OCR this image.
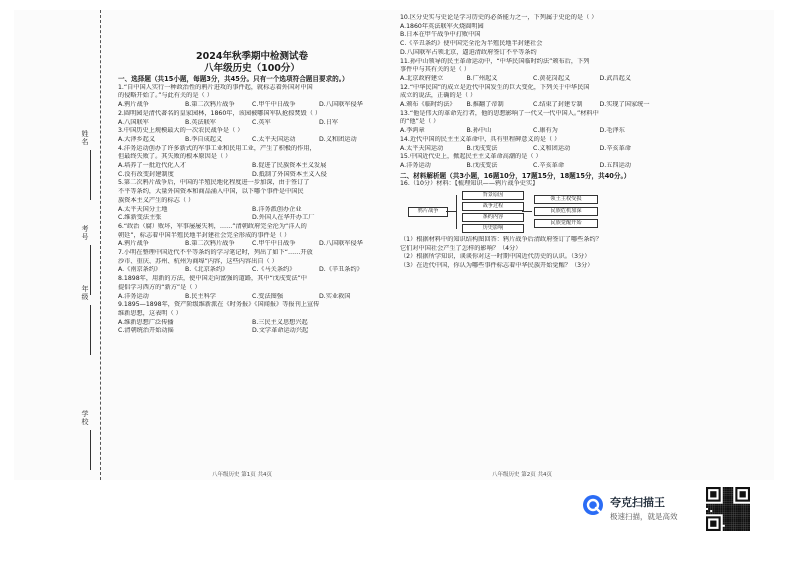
姓名
考号
年级
学校
2024年秋季期中检测试卷
八年级历史（100分）

一、选择题（共15小题，每题3分，共45分。只有一个选项符合题目要求的。）

1.“自中国人实行一种政治性的鸦片进攻的事件起，就标志着外国对中国

的侵略开始了。”与此有关的是（ ）

A.鸦片战争	B.第二次鸦片战争	C.甲午中日战争	D.八国联军侵华

2.圆明园是清代著名的皇家园林，1860年，该园被哪国军队抢掠焚毁（ ）

A.八国联军	B.英法联军	C.英军	D.日军

3.中国历史上规模最大的一次农民战争是（ ）

A.大泽乡起义	B.李自成起义	C.太平天国运动	D.义和团运动

4.洋务运动创办了许多新式的军事工业和民用工业，产生了积极的作用，

但最终失败了。其失败的根本原因是（ ）

A.培养了一批近代化人才	B.促进了民族资本主义发展
C.没有改变封建制度	D.抵制了外国资本主义入侵

5.第二次鸦片战争后，中国的半殖民地化程度进一步加深，由于签订了

不平等条约，大量外国资本和商品涌入中国，以下哪个事件是中国民

族资本主义产生的标志（ ）

A.太平天国分土地	B.洋务派创办企业
C.维新变法主张	D.外国人在华开办工厂

6.“政治（腐）败坏，军事屡屡失利，……”清朝政府完全沦为“洋人的

朝廷”，标志着中国半殖民地半封建社会完全形成的事件是（ ）

A.鸦片战争	B.第二次鸦片战争	C.甲午中日战争	D.八国联军侵华

7.小明在整理中国近代不平等条约的学习笔记时，列出了如下“……开放

沙市、重庆、苏州、杭州为商埠”内容，这些内容出自（ ）

A.《南京条约》	B.《北京条约》	C.《马关条约》	D.《辛丑条约》

8.1898年，用新的方法，使中国走向富强的道路，其中“戊戌变法”中

提倡学习西方的“新方”是（ ）

A.洋务运动	B.民主科学	C.变法图强	D.实业救国

9.1895—1898年，资产阶级维新派在《时务报》《国闻报》等报刊上宣传

维新思想，这表明（ ）

A.维新思想广泛传播	B.三民主义思想兴起
C.清朝统治开始动摇	D.文学革命运动兴起

10.区分史实与史论是学习历史的必备能力之一，下列属于史论的是（ ）

A.1860年英法联军火烧圆明园

B.日本在甲午战争中打败中国

C.《辛丑条约》使中国完全沦为半殖民地半封建社会

D.八国联军占领北京，逼迫清政府签订不平等条约

11.孙中山领导的民主革命运动中，“中华民国临时约法”颁布后，下列

事件中与其有关的是（ ）

A.北京政府建立	B.广州起义	C.黄花岗起义	D.武昌起义

12.“中华民国”的成立是近代中国发生的巨大变化，下列关于中华民国

成立的说法，正确的是（ ）

A.颁布《临时约法》	B.推翻了帝制	C.结束了封建专制	D.实现了国家统一

13.“他是伟大的革命先行者，他的思想影响了一代又一代中国人。”材料中

的“他”是（ ）

A.李鸿章	B.孙中山	C.康有为	D.毛泽东

14.近代中国的民主主义革命中，具有里程碑意义的是（ ）

A.太平天国运动	B.戊戌变法	C.义和团运动	D.辛亥革命

15.中国近代史上，掀起民主主义革命高潮的是（ ）

A.洋务运动	B.戊戌变法	C.辛亥革命	D.五四运动

二、材料解析题（共3小题，16题10分，17题15分，18题15分，共40分。）

16.（10分）材料：【梳理知识——鸦片战争史实】

鸦片战争
背景原因
战争过程
条约内容
历史影响
领土主权受损
民族危机加深
民族觉醒开始

（1）根据材料中的知识结构图回答：鸦片战争后清政府签订了哪些条约？

它们对中国社会产生了怎样的影响？（4分）

（2）根据所学知识，谈谈你对这一时期中国近代历史的认识。（3分）

（3）在近代中国，你认为哪些事件标志着中华民族开始觉醒？（3分）

八年级历史 第1页 共4页	八年级历史 第2页 共4页
夸克扫描王
极速扫描，就是高效
